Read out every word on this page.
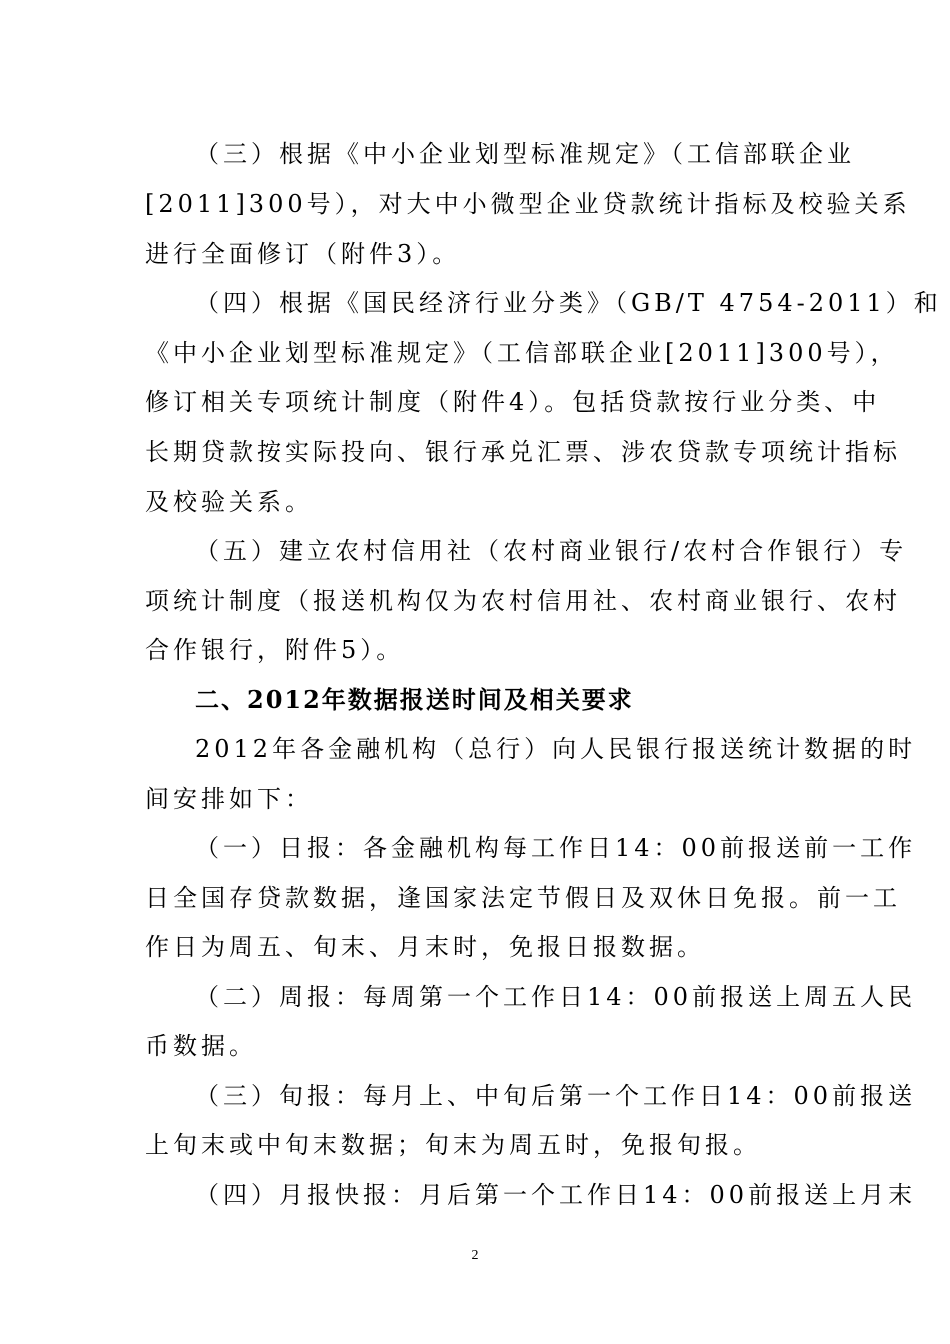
（三）根据《中小企业划型标准规定》（工信部联企业
[2011]300号），对大中小微型企业贷款统计指标及校验关系
进行全面修订（附件3）。
（四）根据《国民经济行业分类》（GB/T 4754-2011）和
《中小企业划型标准规定》（工信部联企业[2011]300号），
修订相关专项统计制度（附件4）。包括贷款按行业分类、中
长期贷款按实际投向、银行承兑汇票、涉农贷款专项统计指标
及校验关系。
（五）建立农村信用社（农村商业银行/农村合作银行）专
项统计制度（报送机构仅为农村信用社、农村商业银行、农村
合作银行，附件5）。
二、2012年数据报送时间及相关要求
2012年各金融机构（总行）向人民银行报送统计数据的时
间安排如下：
（一）日报：各金融机构每工作日14：00前报送前一工作
日全国存贷款数据，逢国家法定节假日及双休日免报。前一工
作日为周五、旬末、月末时，免报日报数据。
（二）周报：每周第一个工作日14：00前报送上周五人民
币数据。
（三）旬报：每月上、中旬后第一个工作日14：00前报送
上旬末或中旬末数据；旬末为周五时，免报旬报。
（四）月报快报：月后第一个工作日14：00前报送上月末
2
